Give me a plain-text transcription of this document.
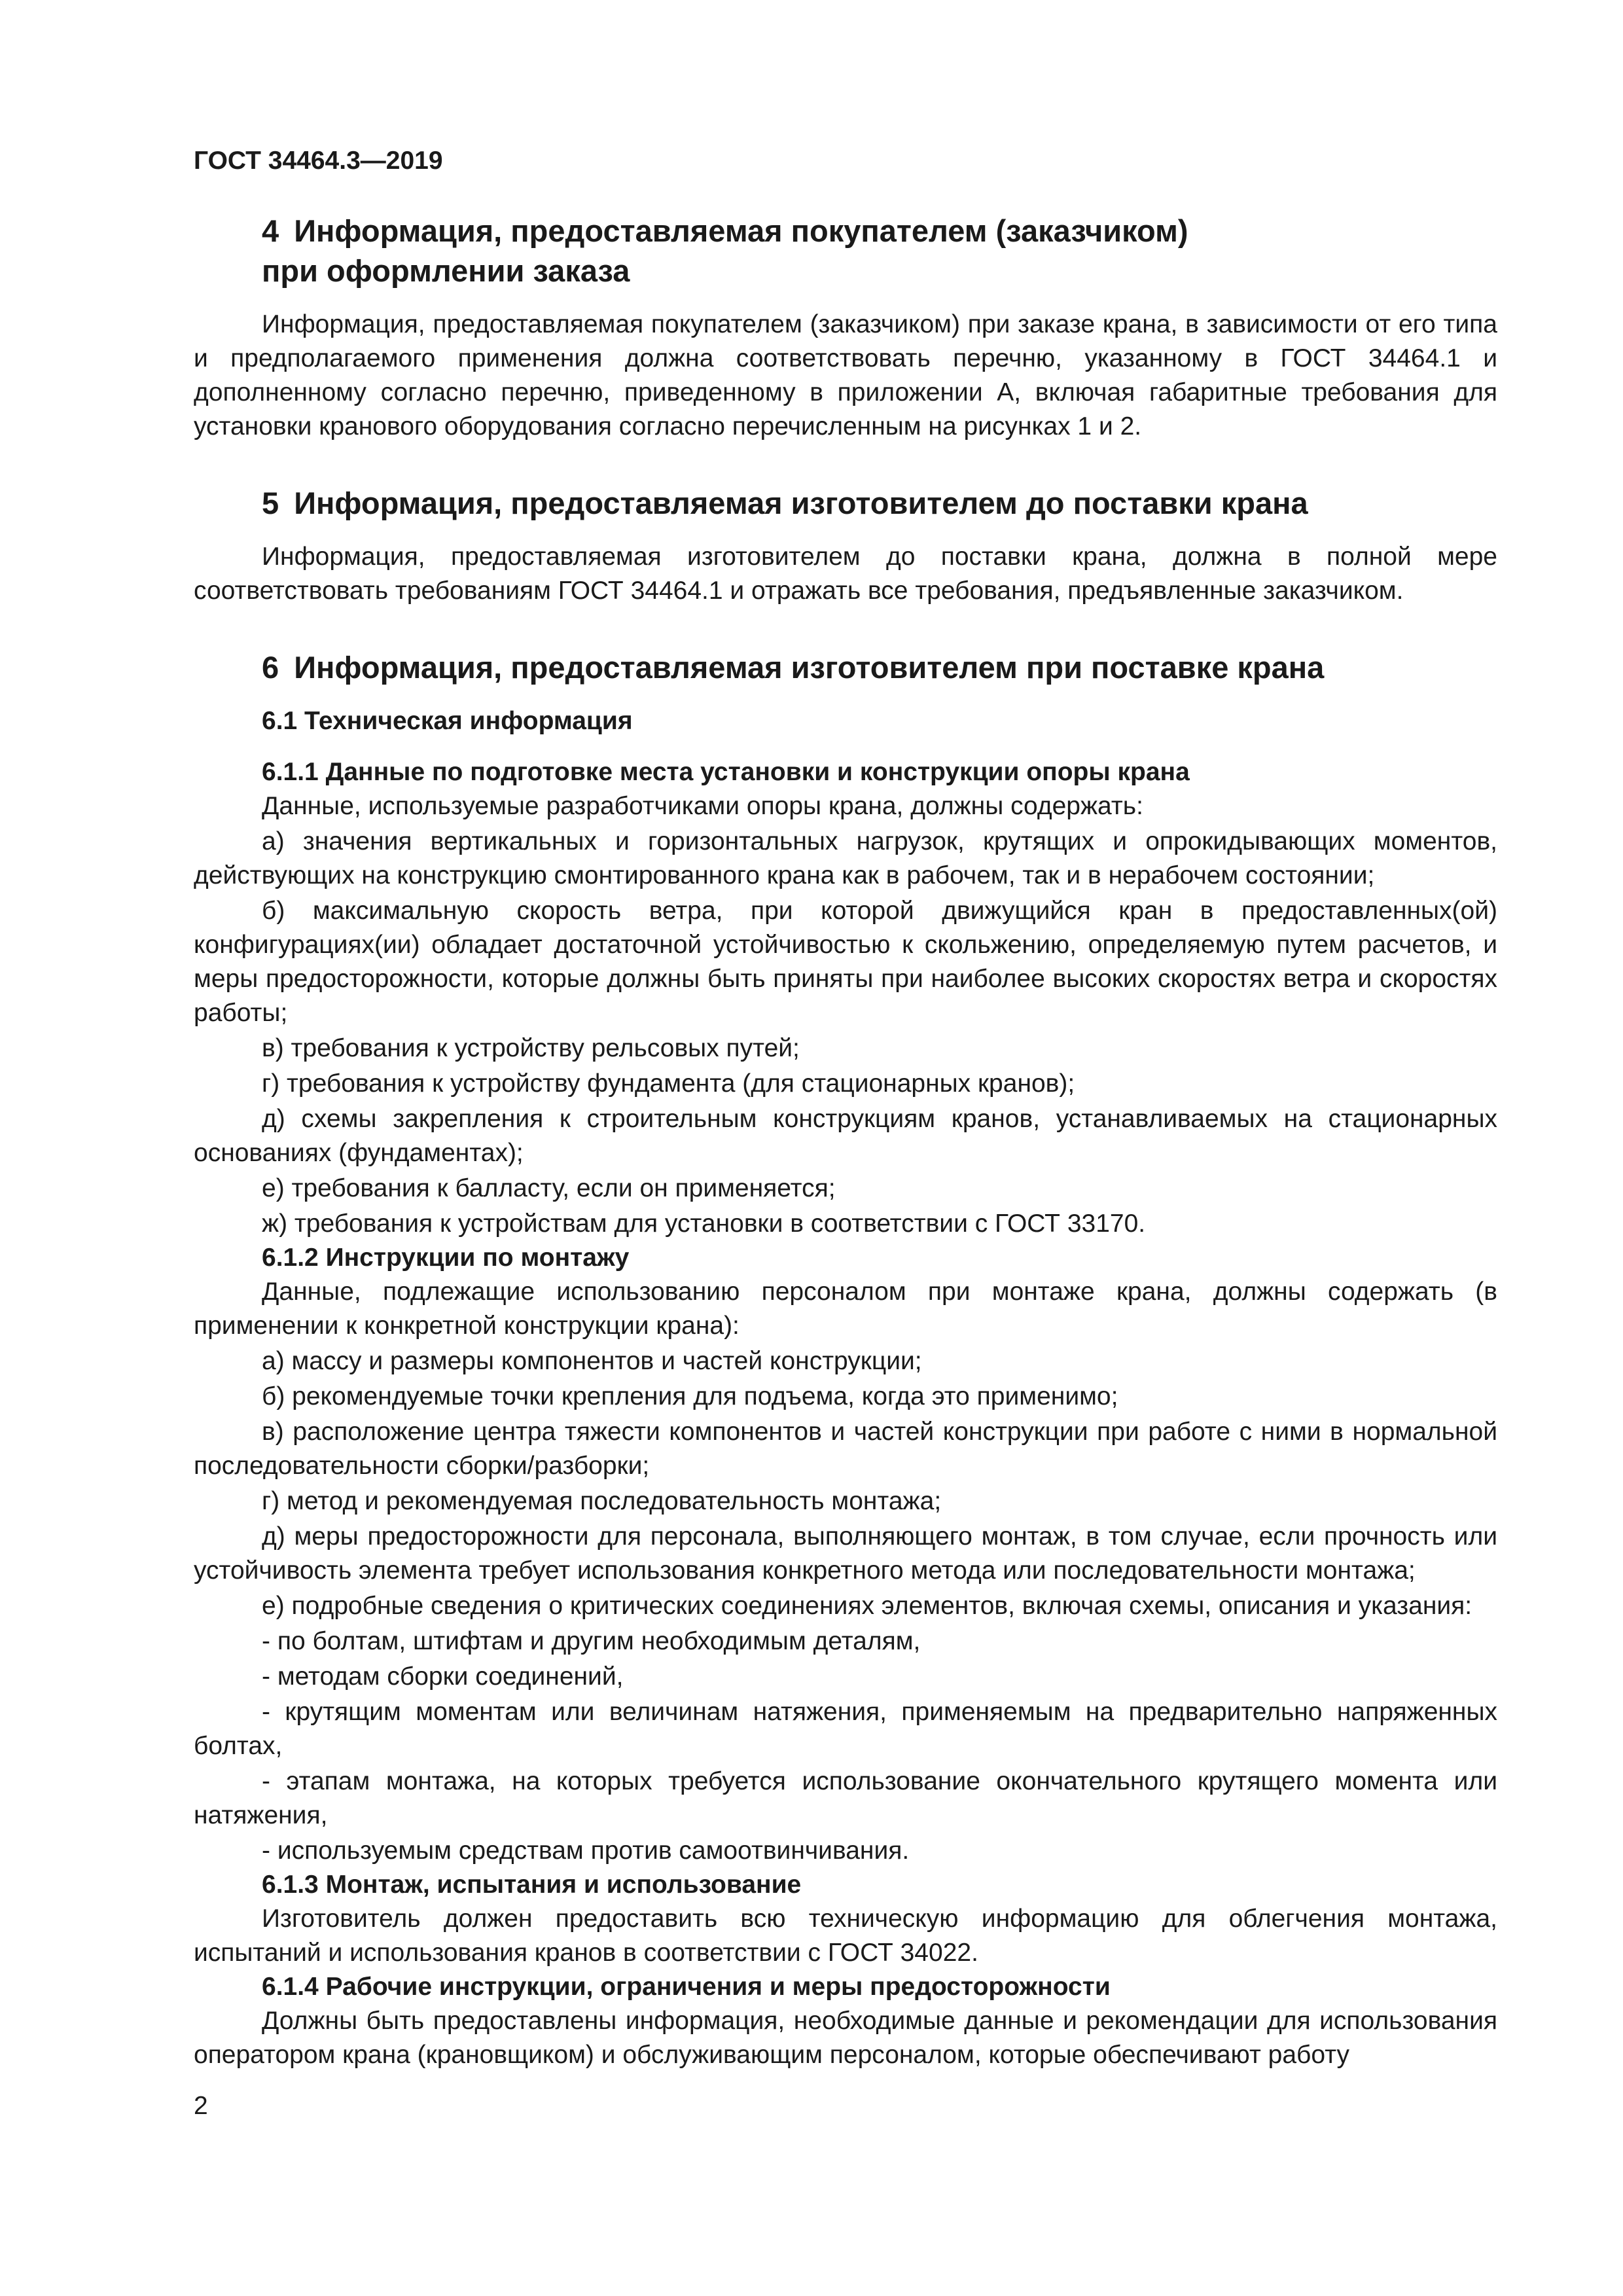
ГОСТ 34464.3—2019
4 Информация, предоставляемая покупателем (заказчиком)
при оформлении заказа

Информация, предоставляемая покупателем (заказчиком) при заказе крана, в зависимости от его типа и предполагаемого применения должна соответствовать перечню, указанному в ГОСТ 34464.1 и дополненному согласно перечню, приведенному в приложении А, включая габаритные требования для установки кранового оборудования согласно перечисленным на рисунках 1 и 2.

5 Информация, предоставляемая изготовителем до поставки крана

Информация, предоставляемая изготовителем до поставки крана, должна в полной мере соответствовать требованиям ГОСТ 34464.1 и отражать все требования, предъявленные заказчиком.

6 Информация, предоставляемая изготовителем при поставке крана
6.1 Техническая информация
6.1.1 Данные по подготовке места установки и конструкции опоры крана

Данные, используемые разработчиками опоры крана, должны содержать:

а) значения вертикальных и горизонтальных нагрузок, крутящих и опрокидывающих моментов, действующих на конструкцию смонтированного крана как в рабочем, так и в нерабочем состоянии;

б) максимальную скорость ветра, при которой движущийся кран в предоставленных(ой) конфигурациях(ии) обладает достаточной устойчивостью к скольжению, определяемую путем расчетов, и меры предосторожности, которые должны быть приняты при наиболее высоких скоростях ветра и скоростях работы;

в) требования к устройству рельсовых путей;

г) требования к устройству фундамента (для стационарных кранов);

д) схемы закрепления к строительным конструкциям кранов, устанавливаемых на стационарных основаниях (фундаментах);

е) требования к балласту, если он применяется;

ж) требования к устройствам для установки в соответствии с ГОСТ 33170.

6.1.2 Инструкции по монтажу

Данные, подлежащие использованию персоналом при монтаже крана, должны содержать (в применении к конкретной конструкции крана):

а) массу и размеры компонентов и частей конструкции;

б) рекомендуемые точки крепления для подъема, когда это применимо;

в) расположение центра тяжести компонентов и частей конструкции при работе с ними в нормальной последовательности сборки/разборки;

г) метод и рекомендуемая последовательность монтажа;

д) меры предосторожности для персонала, выполняющего монтаж, в том случае, если прочность или устойчивость элемента требует использования конкретного метода или последовательности монтажа;

е) подробные сведения о критических соединениях элементов, включая схемы, описания и указания:

- по болтам, штифтам и другим необходимым деталям,

- методам сборки соединений,

- крутящим моментам или величинам натяжения, применяемым на предварительно напряженных болтах,

- этапам монтажа, на которых требуется использование окончательного крутящего момента или натяжения,

- используемым средствам против самоотвинчивания.

6.1.3 Монтаж, испытания и использование

Изготовитель должен предоставить всю техническую информацию для облегчения монтажа, испытаний и использования кранов в соответствии с ГОСТ 34022.

6.1.4 Рабочие инструкции, ограничения и меры предосторожности

Должны быть предоставлены информация, необходимые данные и рекомендации для использования оператором крана (крановщиком) и обслуживающим персоналом, которые обеспечивают работу

2
